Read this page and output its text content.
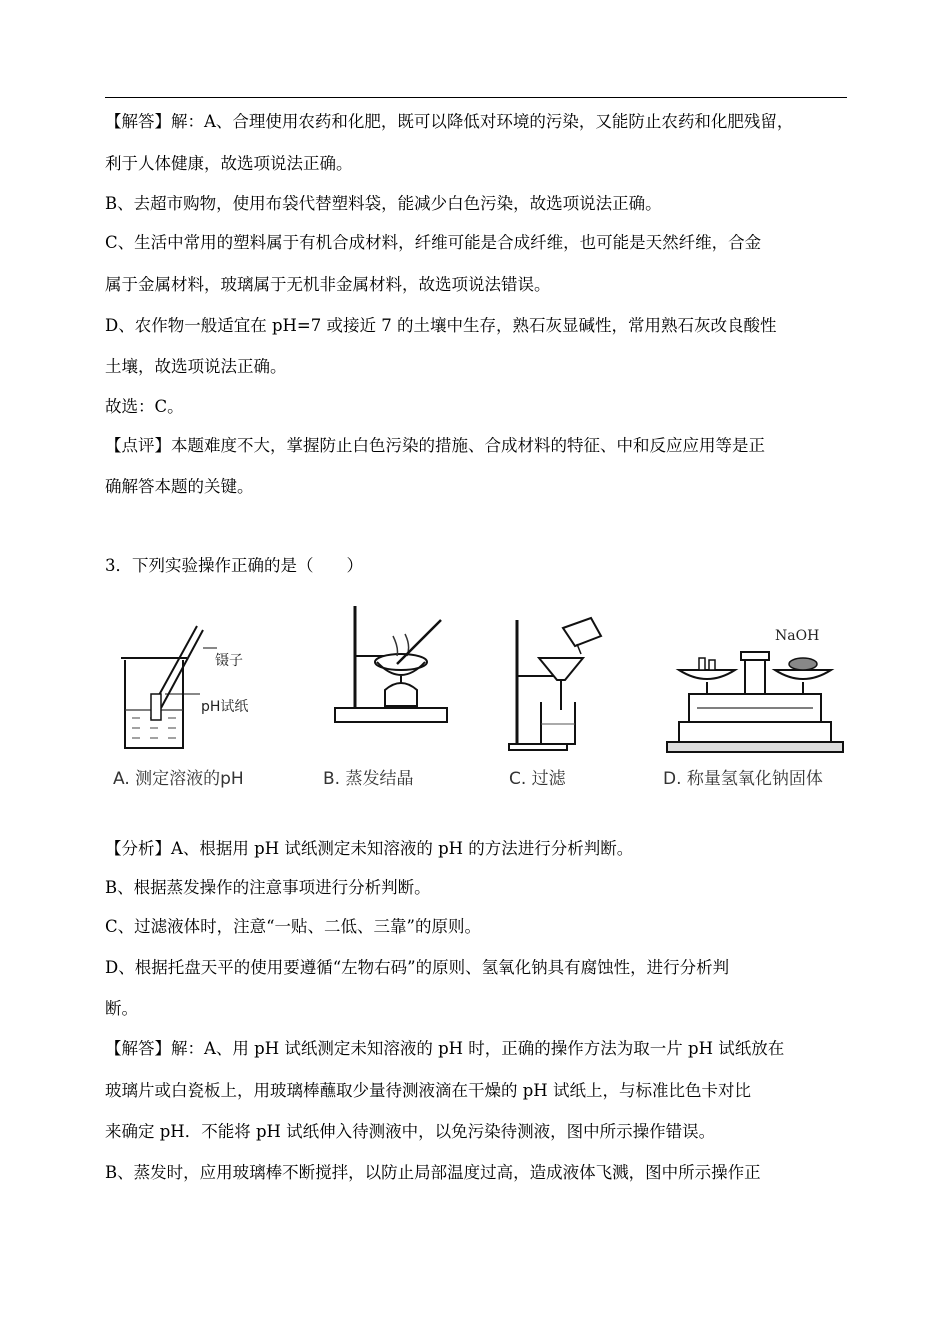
【解答】解：A、合理使用农药和化肥，既可以降低对环境的污染，又能防止农药和化肥残留，

利于人体健康，故选项说法正确。

B、去超市购物，使用布袋代替塑料袋，能减少白色污染，故选项说法正确。

C、生活中常用的塑料属于有机合成材料，纤维可能是合成纤维，也可能是天然纤维，合金

属于金属材料，玻璃属于无机非金属材料，故选项说法错误。

D、农作物一般适宜在 pH=7 或接近 7 的土壤中生存，熟石灰显碱性，常用熟石灰改良酸性

土壤，故选项说法正确。

故选：C。

【点评】本题难度不大，掌握防止白色污染的措施、合成材料的特征、中和反应应用等是正

确解答本题的关键。

3．下列实验操作正确的是（　　）

镊子
pH试纸
A. 测定溶液的pH	B. 蒸发结晶	C. 过滤
NaOH
D. 称量氢氧化钠固体

【分析】A、根据用 pH 试纸测定未知溶液的 pH 的方法进行分析判断。

B、根据蒸发操作的注意事项进行分析判断。

C、过滤液体时，注意“一贴、二低、三靠”的原则。

D、根据托盘天平的使用要遵循“左物右码”的原则、氢氧化钠具有腐蚀性，进行分析判

断。

【解答】解：A、用 pH 试纸测定未知溶液的 pH 时，正确的操作方法为取一片 pH 试纸放在

玻璃片或白瓷板上，用玻璃棒蘸取少量待测液滴在干燥的 pH 试纸上，与标准比色卡对比

来确定 pH．不能将 pH 试纸伸入待测液中，以免污染待测液，图中所示操作错误。

B、蒸发时，应用玻璃棒不断搅拌，以防止局部温度过高，造成液体飞溅，图中所示操作正
